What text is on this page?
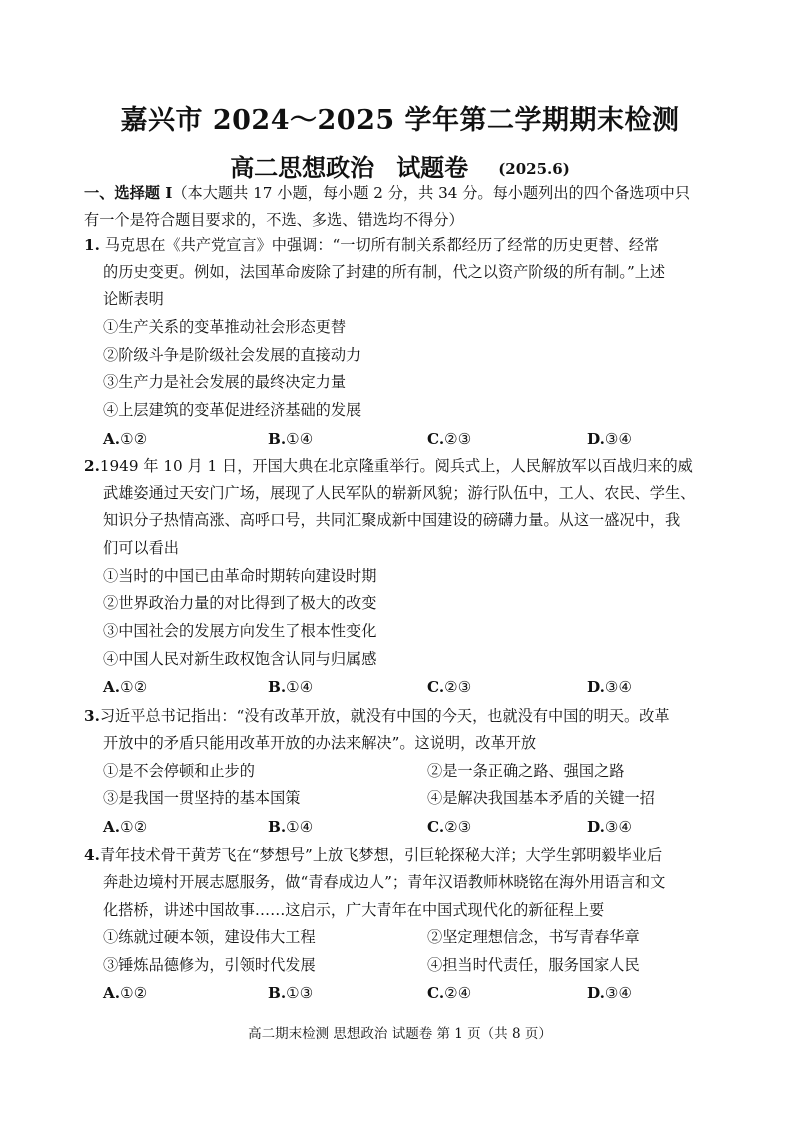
嘉兴市 2024～2025 学年第二学期期末检测
高二思想政治 试题卷 (2025.6)
一、选择题 I（本大题共 17 小题，每小题 2 分，共 34 分。每小题列出的四个备选项中只
有一个是符合题目要求的，不选、多选、错选均不得分）
1. 马克思在《共产党宣言》中强调：“一切所有制关系都经历了经常的历史更替、经常
的历史变更。例如，法国革命废除了封建的所有制，代之以资产阶级的所有制。”上述
论断表明
①生产关系的变革推动社会形态更替
②阶级斗争是阶级社会发展的直接动力
③生产力是社会发展的最终决定力量
④上层建筑的变革促进经济基础的发展
A.①②	B.①④	C.②③	D.③④
2.1949 年 10 月 1 日，开国大典在北京隆重举行。阅兵式上，人民解放军以百战归来的威
武雄姿通过天安门广场，展现了人民军队的崭新风貌；游行队伍中，工人、农民、学生、
知识分子热情高涨、高呼口号，共同汇聚成新中国建设的磅礴力量。从这一盛况中，我
们可以看出
①当时的中国已由革命时期转向建设时期
②世界政治力量的对比得到了极大的改变
③中国社会的发展方向发生了根本性变化
④中国人民对新生政权饱含认同与归属感
A.①②	B.①④	C.②③	D.③④
3.习近平总书记指出：“没有改革开放，就没有中国的今天，也就没有中国的明天。改革
开放中的矛盾只能用改革开放的办法来解决”。这说明，改革开放
①是不会停顿和止步的	②是一条正确之路、强国之路
③是我国一贯坚持的基本国策	④是解决我国基本矛盾的关键一招
A.①②	B.①④	C.②③	D.③④
4.青年技术骨干黄芳飞在“梦想号”上放飞梦想，引巨轮探秘大洋；大学生郭明毅毕业后
奔赴边境村开展志愿服务，做“青春成边人”；青年汉语教师林晓铭在海外用语言和文
化搭桥，讲述中国故事……这启示，广大青年在中国式现代化的新征程上要
①练就过硬本领，建设伟大工程	②坚定理想信念，书写青春华章
③锤炼品德修为，引领时代发展	④担当时代责任，服务国家人民
A.①②	B.①③	C.②④	D.③④
高二期末检测 思想政治 试题卷 第 1 页（共 8 页）
